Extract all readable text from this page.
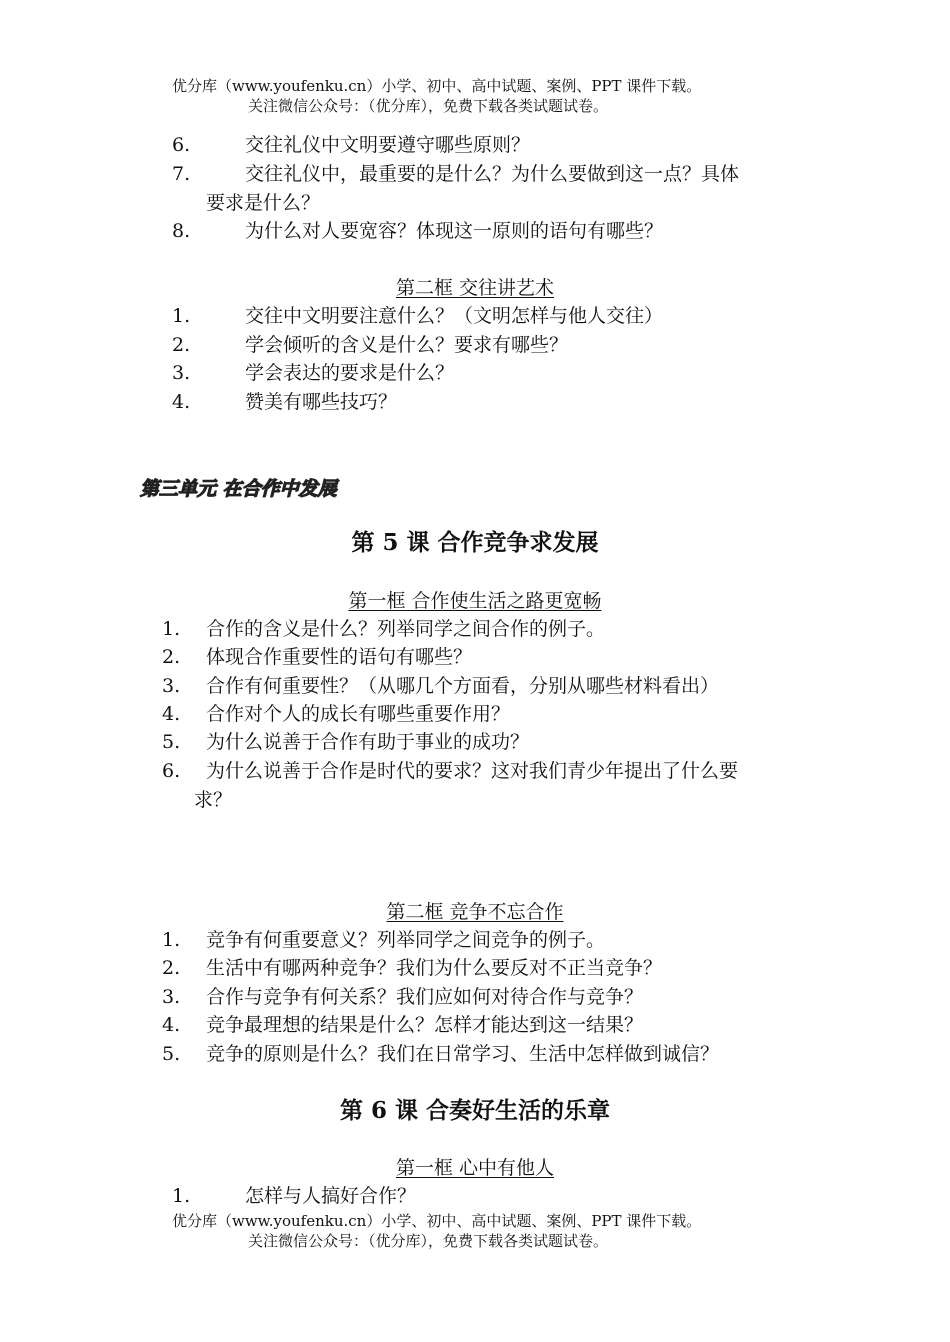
优分库（www.youfenku.cn）小学、初中、高中试题、案例、PPT 课件下载。
关注微信公众号：（优分库），免费下载各类试题试卷。
6.	交往礼仪中文明要遵守哪些原则？
7.	交往礼仪中，最重要的是什么？为什么要做到这一点？具体
要求是什么？
8.	为什么对人要宽容？体现这一原则的语句有哪些？
第二框 交往讲艺术
1.	交往中文明要注意什么？（文明怎样与他人交往）
2.	学会倾听的含义是什么？要求有哪些？
3.	学会表达的要求是什么？
4.	赞美有哪些技巧？
第三单元 在合作中发展
第 5 课 合作竞争求发展
第一框 合作使生活之路更宽畅
1. 合作的含义是什么？列举同学之间合作的例子。
2. 体现合作重要性的语句有哪些？
3. 合作有何重要性？（从哪几个方面看，分别从哪些材料看出）
4. 合作对个人的成长有哪些重要作用？
5. 为什么说善于合作有助于事业的成功？
6. 为什么说善于合作是时代的要求？这对我们青少年提出了什么要
求？
第二框 竞争不忘合作
1. 竞争有何重要意义？列举同学之间竞争的例子。
2. 生活中有哪两种竞争？我们为什么要反对不正当竞争？
3. 合作与竞争有何关系？我们应如何对待合作与竞争？
4. 竞争最理想的结果是什么？怎样才能达到这一结果？
5. 竞争的原则是什么？我们在日常学习、生活中怎样做到诚信？
第 6 课 合奏好生活的乐章
第一框 心中有他人
1.	怎样与人搞好合作？
优分库（www.youfenku.cn）小学、初中、高中试题、案例、PPT 课件下载。
关注微信公众号：（优分库），免费下载各类试题试卷。
